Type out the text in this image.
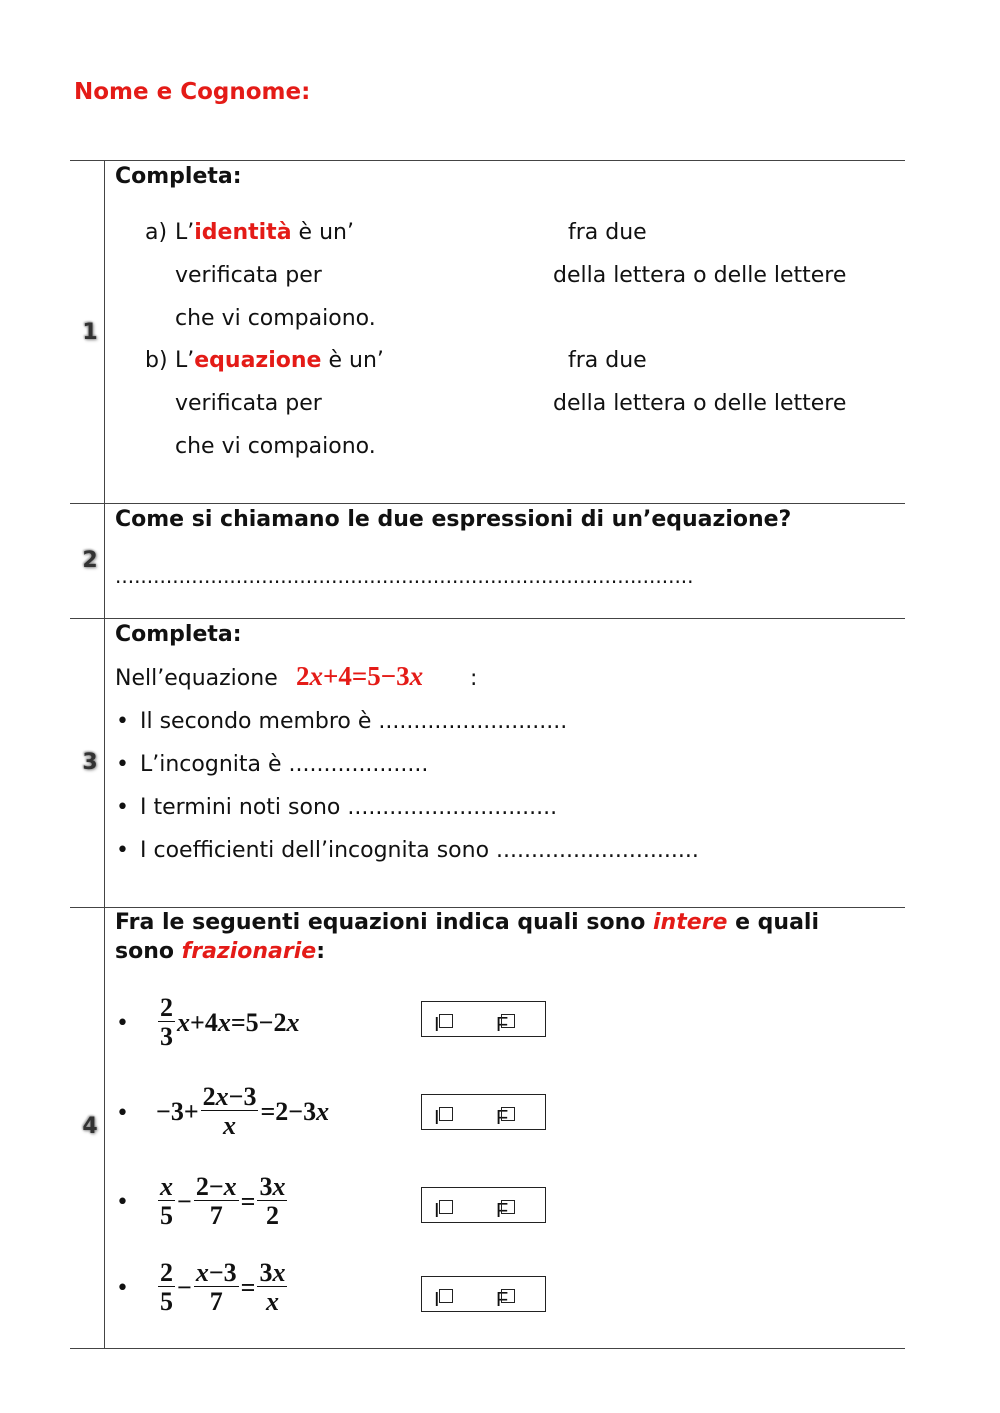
Nome e Cognome:
1
Completa:
a) L’identità è un’	fra due
verificata per	della lettera o delle lettere
che vi compaiono.
b) L’equazione è un’	fra due
verificata per	della lettera o delle lettere
che vi compaiono.
2
Come si chiamano le due espressioni di un’equazione?
...........................................................................................
3
Completa:
Nell’equazione 2x+4=5−3x :
• Il secondo membro è ...........................
• L’incognita è ....................
• I termini noti sono ..............................
• I coefficienti dell’incognita sono .............................
4
Fra le seguenti equazioni indica quali sono intere e quali
sono frazionarie:
• $\frac{2}{3}$ x +4 x =5−2 x	I	F
• $-3+ \frac{2x-3}{x} =2-3$ x	I	F
• $\frac{x}{5} - \frac{2-x}{7} = \frac{3x}{2}$	I	F
• $\frac{2}{5} - \frac{x-3}{7} = \frac{3x}{x}$	I	F
